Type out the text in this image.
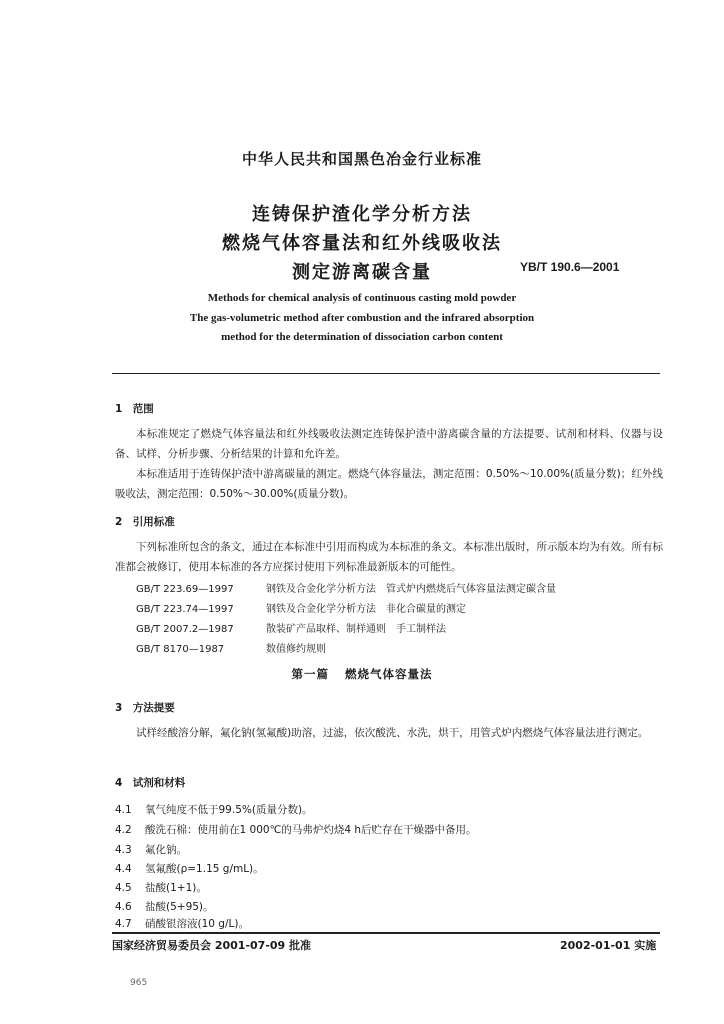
中华人民共和国黑色冶金行业标准
连铸保护渣化学分析方法
燃烧气体容量法和红外线吸收法
测定游离碳含量	YB/T 190.6—2001
Methods for chemical analysis of continuous casting mold powder
The gas-volumetric method after combustion and the infrared absorption
method for the determination of dissociation carbon content
1　范围

本标准规定了燃烧气体容量法和红外线吸收法测定连铸保护渣中游离碳含量的方法提要、试剂和材料、仪器与设备、试样、分析步骤、分析结果的计算和允许差。

本标准适用于连铸保护渣中游离碳量的测定。燃烧气体容量法，测定范围：0.50%～10.00%(质量分数)；红外线吸收法，测定范围：0.50%～30.00%(质量分数)。

2　引用标准

下列标准所包含的条文，通过在本标准中引用而构成为本标准的条文。本标准出版时，所示版本均为有效。所有标准都会被修订，使用本标准的各方应探讨使用下列标准最新版本的可能性。

GB/T 223.69—1997	钢铁及合金化学分析方法　管式炉内燃烧后气体容量法测定碳含量
GB/T 223.74—1997	钢铁及合金化学分析方法　非化合碳量的测定
GB/T 2007.2—1987	散装矿产品取样、制样通则　手工制样法
GB/T 8170—1987	数值修约规则
第一篇 燃烧气体容量法
3　方法提要

试样经酸溶分解，氟化钠(氢氟酸)助溶，过滤，依次酸洗、水洗，烘干，用管式炉内燃烧气体容量法进行测定。

4　试剂和材料
4.1 氧气纯度不低于99.5%(质量分数)。
4.2 酸洗石棉：使用前在1 000℃的马弗炉灼烧4 h后贮存在干燥器中备用。
4.3 氟化钠。
4.4 氢氟酸(ρ=1.15 g/mL)。
4.5 盐酸(1+1)。
4.6 盐酸(5+95)。
4.7 硝酸银溶液(10 g/L)。
国家经济贸易委员会 2001-07-09 批准	2002-01-01 实施
965
